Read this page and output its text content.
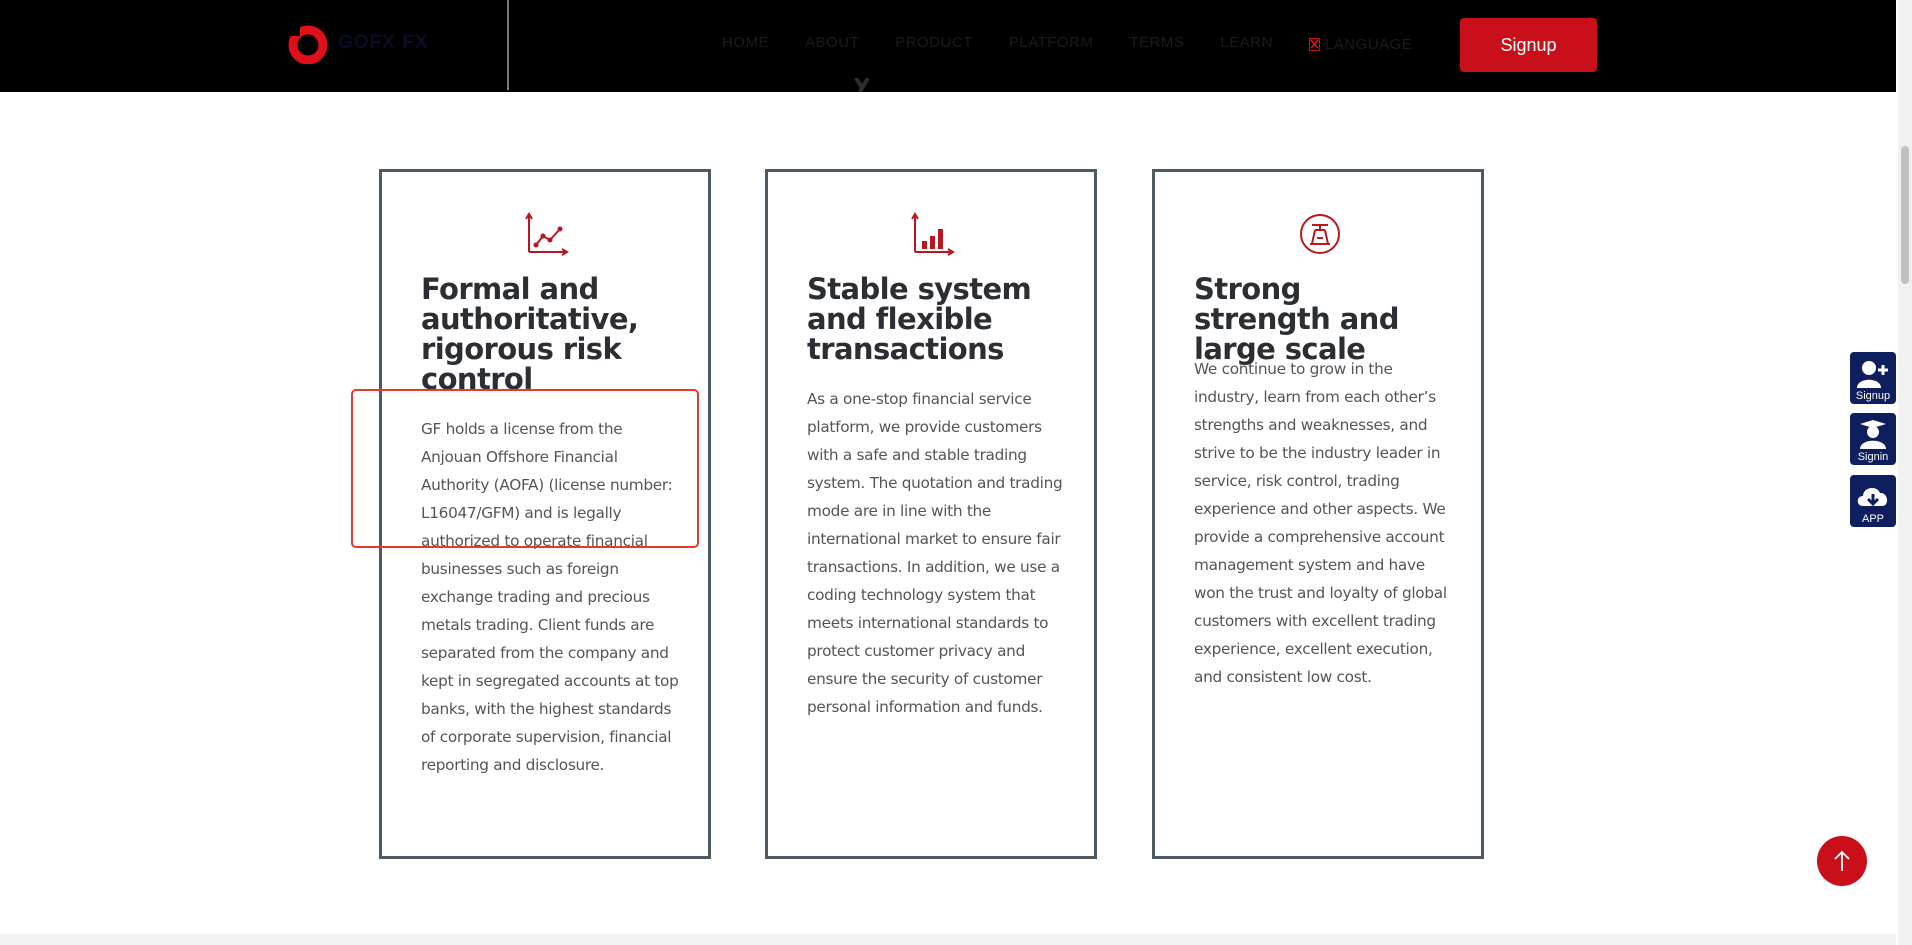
GOFX FX	HOME ABOUT PRODUCT PLATFORM TERMS LEARN	LANGUAGE	Signup
Formal and authoritative, rigorous risk control

GF holds a license from the Anjouan Offshore Financial Authority (AOFA) (license number: L16047/GFM) and is legally authorized to operate financial businesses such as foreign exchange trading and precious metals trading. Client funds are separated from the company and kept in segregated accounts at top banks, with the highest standards of corporate supervision, financial reporting and disclosure.

Stable system and flexible transactions

As a one-stop financial service platform, we provide customers with a safe and stable trading system. The quotation and trading mode are in line with the international market to ensure fair transactions. In addition, we use a coding technology system that meets international standards to protect customer privacy and ensure the security of customer personal information and funds.

Strong strength and large scale

We continue to grow in the industry, learn from each other’s strengths and weaknesses, and strive to be the industry leader in service, risk control, trading experience and other aspects. We provide a comprehensive account management system and have won the trust and loyalty of global customers with excellent trading experience, excellent execution, and consistent low cost.

Signup
Signin
APP
